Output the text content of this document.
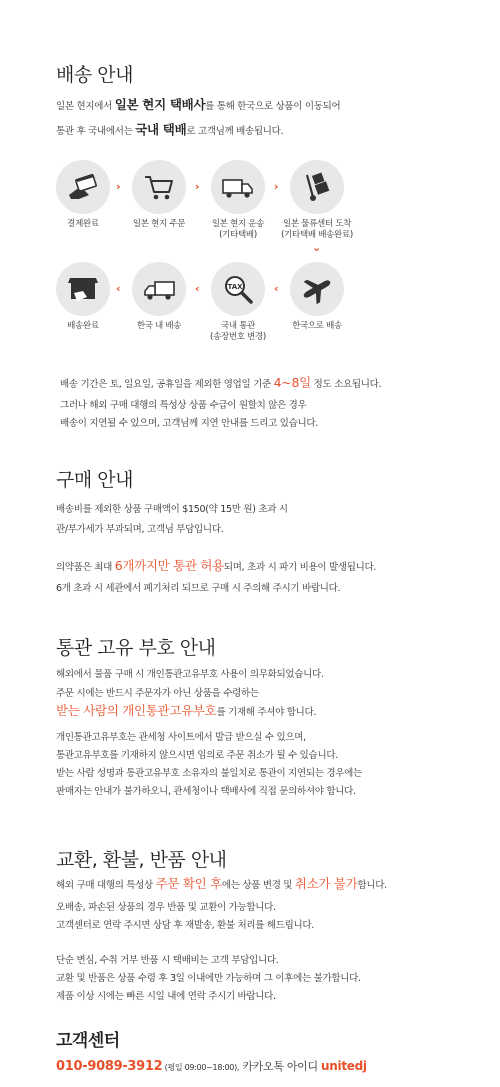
배송 안내

일본 현지에서 일본 현지 택배사를 통해 한국으로 상품이 이동되어

통관 후 국내에서는 국내 택배로 고객님께 배송됩니다.

결제완료
›
일본 현지 주문
›
일본 현지 운송
(기타택배)
›
일본 물류센터 도착
(기타택배 배송완료)
⌄
한국으로 배송
‹
TAX
국내 통관
(송장번호 변경)
‹
한국 내 배송
‹
배송완료

배송 기간은 토, 일요일, 공휴일을 제외한 영업일 기준 4~8일 정도 소요됩니다.

그러나 해외 구매 대행의 특성상 상품 수급이 원할치 않은 경우

배송이 지연될 수 있으며, 고객님께 지연 안내를 드리고 있습니다.

구매 안내

배송비를 제외한 상품 구매액이 $150(약 15만 원) 초과 시

관/부가세가 부과되며, 고객님 부담입니다.

의약품은 최대 6개까지만 통관 허용되며, 초과 시 파기 비용이 발생됩니다.

6개 초과 시 세관에서 폐기처리 되므로 구매 시 주의해 주시기 바랍니다.

통관 고유 부호 안내

해외에서 물품 구매 시 개인통관고유부호 사용이 의무화되었습니다.

주문 시에는 반드시 주문자가 아닌 상품을 수령하는

받는 사람의 개인통관고유부호를 기재해 주셔야 합니다.

개인통관고유부호는 관세청 사이트에서 발급 받으실 수 있으며,

통관고유부호를 기재하지 않으시면 임의로 주문 취소가 될 수 있습니다.

받는 사람 성명과 통관고유부호 소유자의 불일치로 통관이 지연되는 경우에는

판매자는 안내가 불가하오니, 관세청이나 택배사에 직접 문의하셔야 합니다.

교환, 환불, 반품 안내

해외 구매 대행의 특성상 주문 확인 후에는 상품 변경 및 취소가 불가합니다.

오배송, 파손된 상품의 경우 반품 및 교환이 가능합니다.

고객센터로 연락 주시면 상담 후 재발송, 환불 처리를 해드립니다.

단순 변심, 수취 거부 반품 시 택배비는 고객 부담입니다.

교환 및 반품은 상품 수령 후 3일 이내에만 가능하며 그 이후에는 불가합니다.

제품 이상 시에는 빠른 시일 내에 연락 주시기 바랍니다.

고객센터

010-9089-3912 (평일 09:00~18:00), 카카오톡 아이디 unitedj
